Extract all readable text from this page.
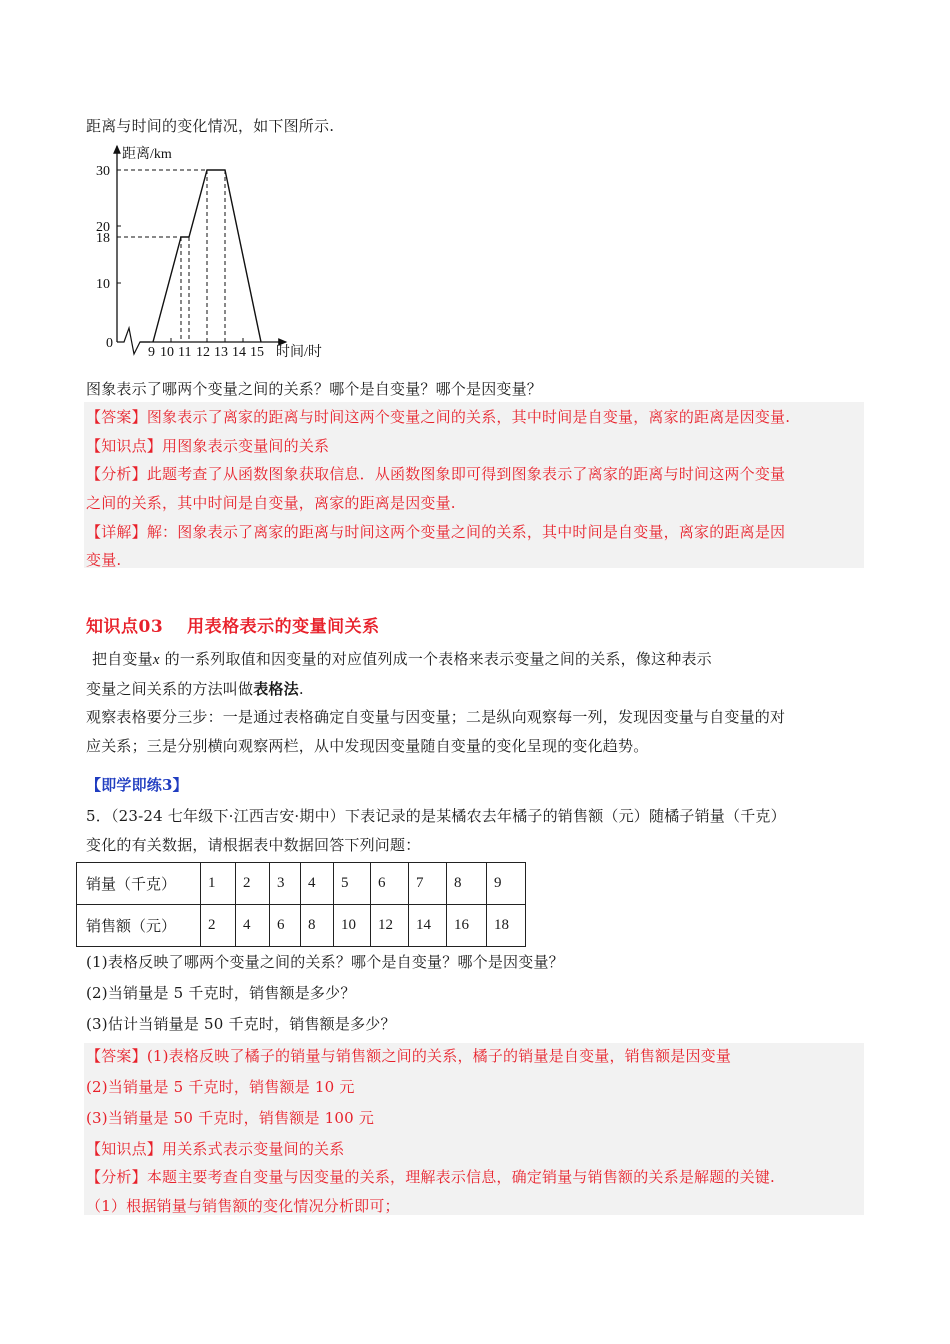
距离与时间的变化情况，如下图所示.
距离/km
30
20
18
10
0
9 10 11 12 13 14 15 时间/时
图象表示了哪两个变量之间的关系？哪个是自变量？哪个是因变量？
【答案】图象表示了离家的距离与时间这两个变量之间的关系，其中时间是自变量，离家的距离是因变量.
【知识点】用图象表示变量间的关系
【分析】此题考查了从函数图象获取信息．从函数图象即可得到图象表示了离家的距离与时间这两个变量
之间的关系，其中时间是自变量，离家的距离是因变量.
【详解】解：图象表示了离家的距离与时间这两个变量之间的关系，其中时间是自变量，离家的距离是因
变量.
知识点03 用表格表示的变量间关系
把自变量x 的一系列取值和因变量的对应值列成一个表格来表示变量之间的关系，像这种表示
变量之间关系的方法叫做表格法.
观察表格要分三步：一是通过表格确定自变量与因变量；二是纵向观察每一列，发现因变量与自变量的对
应关系；三是分别横向观察两栏，从中发现因变量随自变量的变化呈现的变化趋势。
【即学即练3】
5．（23-24 七年级下·江西吉安·期中）下表记录的是某橘农去年橘子的销售额（元）随橘子销量（千克）
变化的有关数据，请根据表中数据回答下列问题：
销量（千克）	1	2	3	4	5	6	7	8	9
销售额（元）	2	4	6	8	10	12	14	16	18
(1)表格反映了哪两个变量之间的关系？哪个是自变量？哪个是因变量？
(2)当销量是 5 千克时，销售额是多少？
(3)估计当销量是 50 千克时，销售额是多少？
【答案】(1)表格反映了橘子的销量与销售额之间的关系，橘子的销量是自变量，销售额是因变量
(2)当销量是 5 千克时，销售额是 10 元
(3)当销量是 50 千克时，销售额是 100 元
【知识点】用关系式表示变量间的关系
【分析】本题主要考查自变量与因变量的关系，理解表示信息，确定销量与销售额的关系是解题的关键.
（1）根据销量与销售额的变化情况分析即可；
